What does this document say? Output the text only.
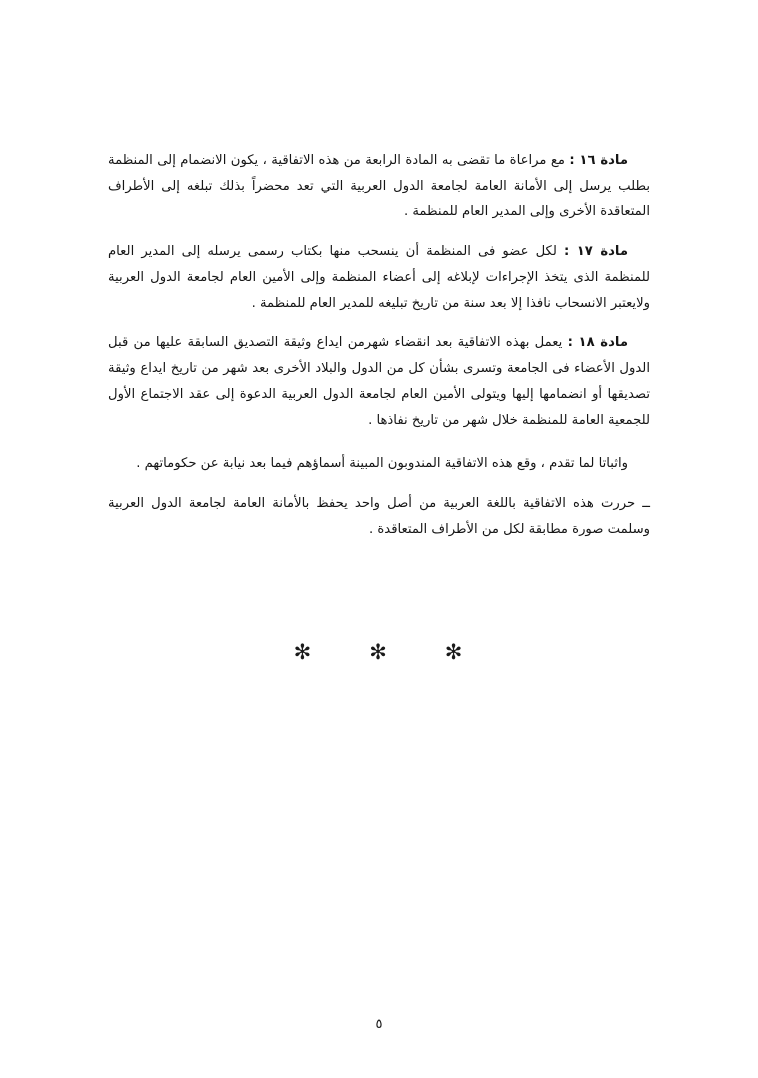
مادة ١٦ : مع مراعاة ما تقضى به المادة الرابعة من هذه الاتفاقية ، يكون الانضمام إلى المنظمة بطلب يرسل إلى الأمانة العامة لجامعة الدول العربية التي تعد محضراً بذلك تبلغه إلى الأطراف المتعاقدة الأخرى وإلى المدير العام للمنظمة .

مادة ١٧ : لكل عضو فى المنظمة أن ينسحب منها بكتاب رسمى يرسله إلى المدير العام للمنظمة الذى يتخذ الإجراءات لإبلاغه إلى أعضاء المنظمة وإلى الأمين العام لجامعة الدول العربية ولايعتبر الانسحاب نافذا إلا بعد سنة من تاريخ تبليغه للمدير العام للمنظمة .

مادة ١٨ : يعمل بهذه الاتفاقية بعد انقضاء شهرمن ايداع وثيقة التصديق السابقة عليها من قبل الدول الأعضاء فى الجامعة وتسرى بشأن كل من الدول والبلاد الأخرى بعد شهر من تاريخ ايداع وثيقة تصديقها أو انضمامها إليها ويتولى الأمين العام لجامعة الدول العربية الدعوة إلى عقد الاجتماع الأول للجمعية العامة للمنظمة خلال شهر من تاريخ نفاذها .

واثباتا لما تقدم ، وقع هذه الاتفاقية المندوبون المبينة أسماؤهم فيما بعد نيابة عن حكوماتهم .

ــ حررت هذه الاتفاقية باللغة العربية من أصل واحد يحفظ بالأمانة العامة لجامعة الدول العربية وسلمت صورة مطابقة لكل من الأطراف المتعاقدة .

✻✻✻
٥
